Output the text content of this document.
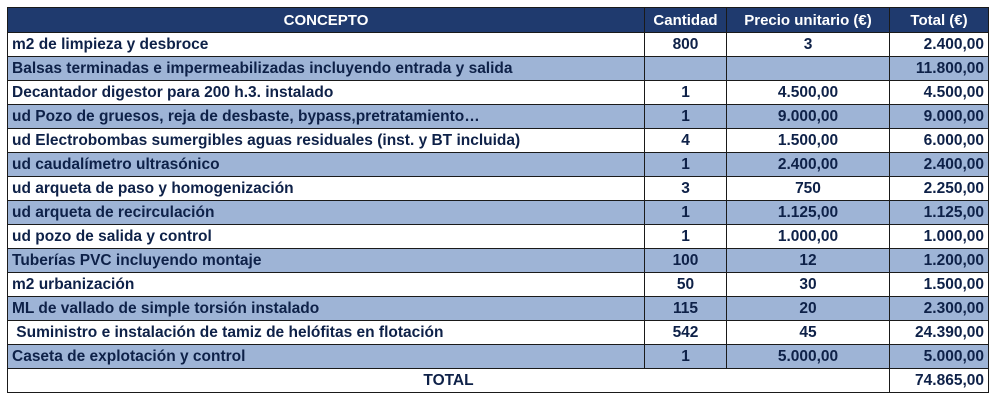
CONCEPTO	Cantidad	Precio unitario (€)	Total (€)
m2 de limpieza y desbroce	800	3	2.400,00
Balsas terminadas e impermeabilizadas incluyendo entrada y salida			11.800,00
Decantador digestor para 200 h.3. instalado	1	4.500,00	4.500,00
ud Pozo de gruesos, reja de desbaste, bypass,pretratamiento…	1	9.000,00	9.000,00
ud Electrobombas sumergibles aguas residuales (inst. y BT incluida)	4	1.500,00	6.000,00
ud caudalímetro ultrasónico	1	2.400,00	2.400,00
ud arqueta de paso y homogenización	3	750	2.250,00
ud arqueta de recirculación	1	1.125,00	1.125,00
ud pozo de salida y control	1	1.000,00	1.000,00
Tuberías PVC incluyendo montaje	100	12	1.200,00
m2 urbanización	50	30	1.500,00
ML de vallado de simple torsión instalado	115	20	2.300,00
Suministro e instalación de tamiz de helófitas en flotación	542	45	24.390,00
Caseta de explotación y control	1	5.000,00	5.000,00
TOTAL			74.865,00
